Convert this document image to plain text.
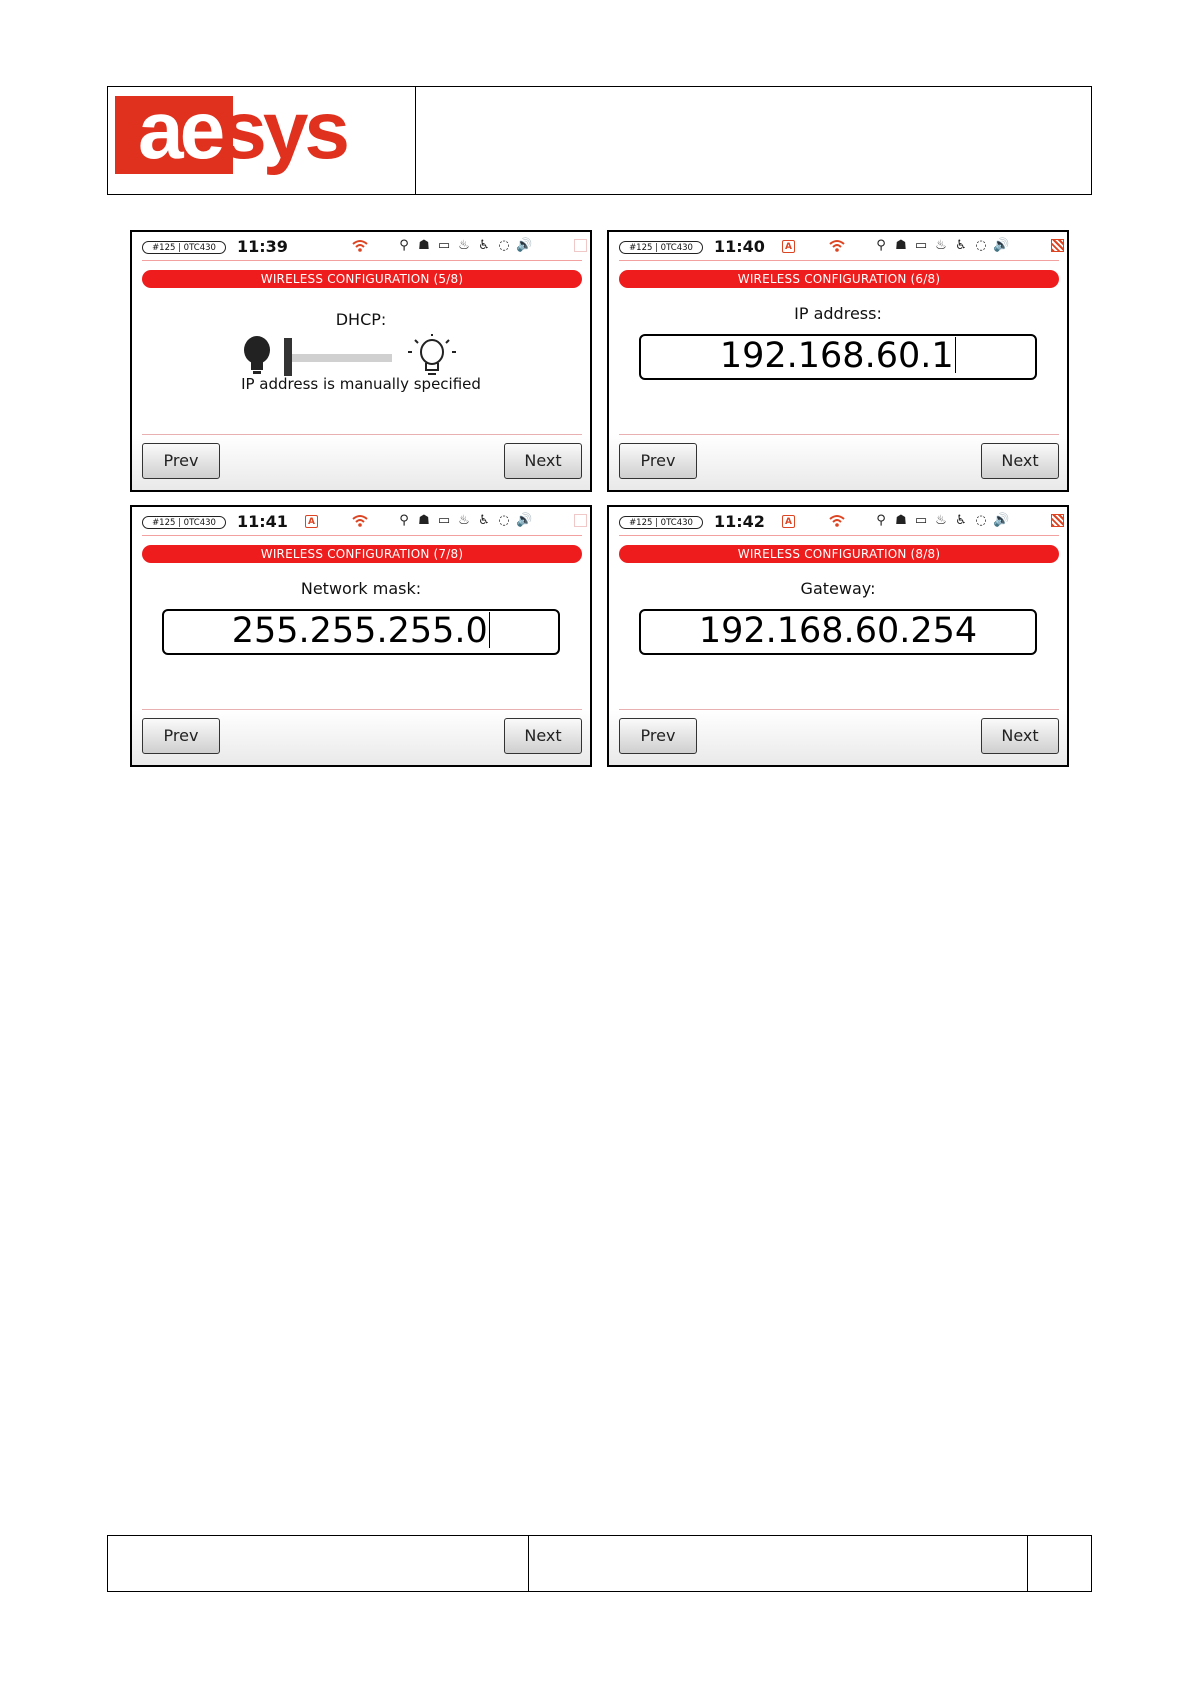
aesys
#125 | 0TC430	11:39	⚲ ☗ ▭ ♨ ♿ ◌ 🔊
WIRELESS CONFIGURATION (5/8)
DHCP:
IP address is manually specified
Prev	Next
#125 | 0TC430	11:40	A	⚲ ☗ ▭ ♨ ♿ ◌ 🔊
WIRELESS CONFIGURATION (6/8)
IP address:
192.168.60.1
Prev	Next
#125 | 0TC430	11:41	A	⚲ ☗ ▭ ♨ ♿ ◌ 🔊
WIRELESS CONFIGURATION (7/8)
Network mask:
255.255.255.0
Prev	Next
#125 | 0TC430	11:42	A	⚲ ☗ ▭ ♨ ♿ ◌ 🔊
WIRELESS CONFIGURATION (8/8)
Gateway:
192.168.60.254
Prev	Next
